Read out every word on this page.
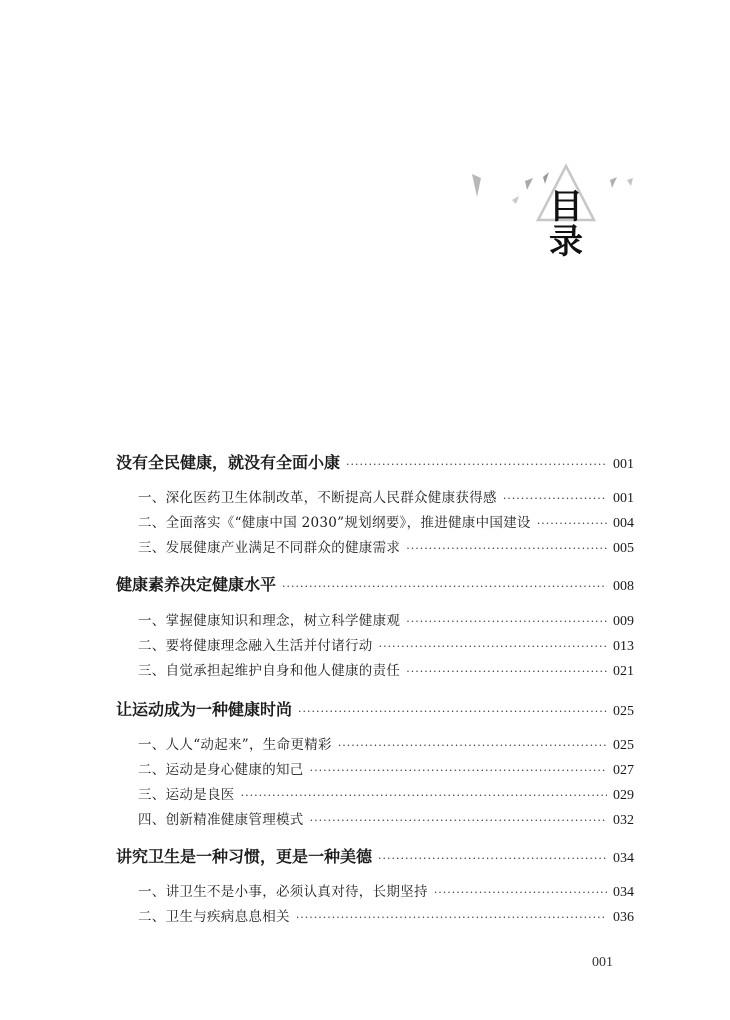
目
录
没有全民健康，就没有全面小康 ·····	001
一、深化医药卫生体制改革，不断提高人民群众健康获得感 ·····	001
二、全面落实《“健康中国 2030”规划纲要》，推进健康中国建设 ·····	004
三、发展健康产业满足不同群众的健康需求 ·····	005
健康素养决定健康水平 ·····	008
一、掌握健康知识和理念，树立科学健康观 ·····	009
二、要将健康理念融入生活并付诸行动 ·····	013
三、自觉承担起维护自身和他人健康的责任 ·····	021
让运动成为一种健康时尚 ·····	025
一、人人“动起来”，生命更精彩 ·····	025
二、运动是身心健康的知己 ·····	027
三、运动是良医 ·····	029
四、创新精准健康管理模式 ·····	032
讲究卫生是一种习惯，更是一种美德 ·····	034
一、讲卫生不是小事，必须认真对待，长期坚持 ·····	034
二、卫生与疾病息息相关 ·····	036
001
